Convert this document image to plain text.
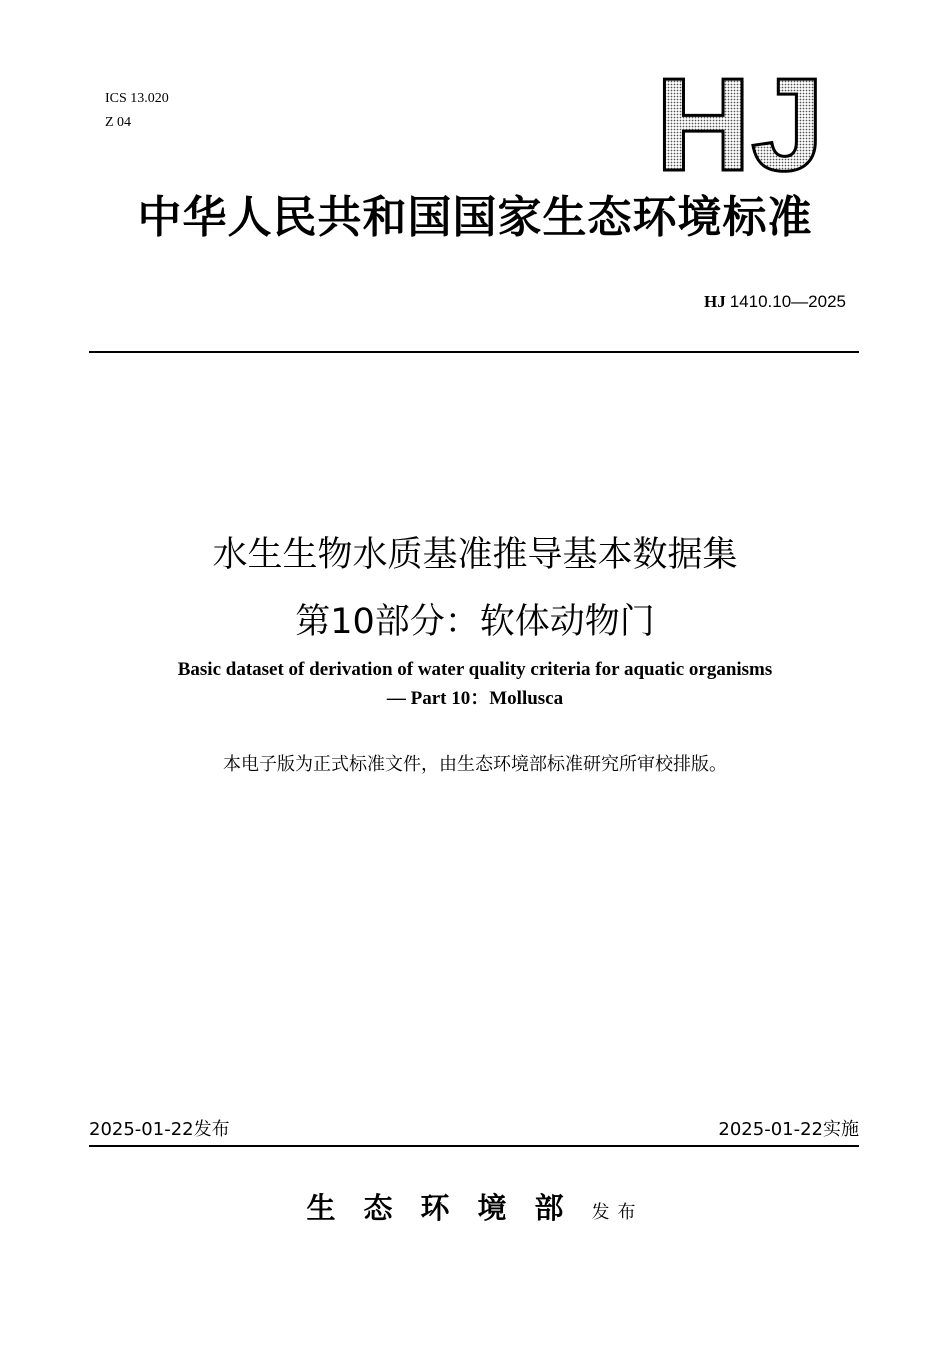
ICS 13.020
Z 04	HJ
中华人民共和国国家生态环境标准
HJ 1410.10—2025
水生生物水质基准推导基本数据集
第10部分：软体动物门
Basic dataset of derivation of water quality criteria for aquatic organisms
— Part 10：Mollusca
本电子版为正式标准文件，由生态环境部标准研究所审校排版。
2025-01-22发布	2025-01-22实施
生态环境部发布
